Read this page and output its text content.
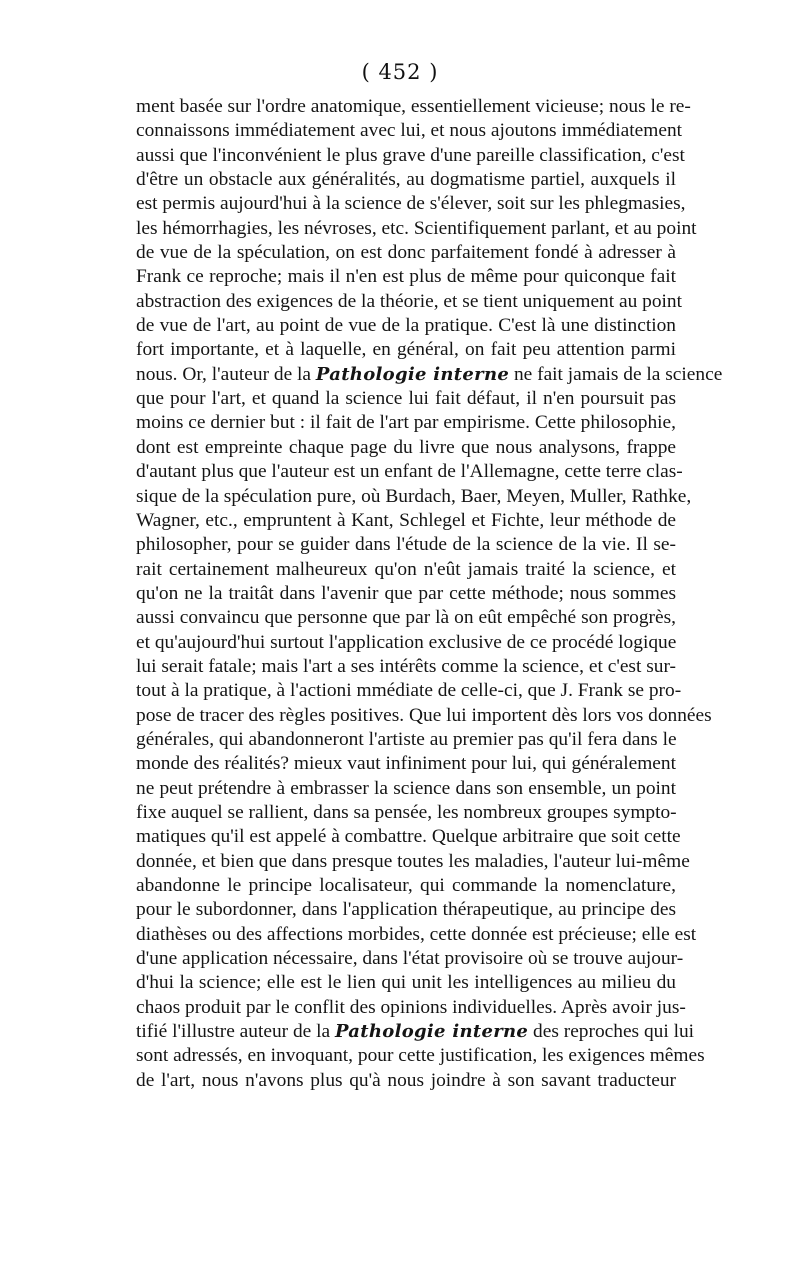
( 452 )
ment basée sur l'ordre anatomique, essentiellement vicieuse; nous le re-
connaissons immédiatement avec lui, et nous ajoutons immédiatement
aussi que l'inconvénient le plus grave d'une pareille classification, c'est
d'être un obstacle aux généralités, au dogmatisme partiel, auxquels il
est permis aujourd'hui à la science de s'élever, soit sur les phlegmasies,
les hémorrhagies, les névroses, etc. Scientifiquement parlant, et au point
de vue de la spéculation, on est donc parfaitement fondé à adresser à
Frank ce reproche; mais il n'en est plus de même pour quiconque fait
abstraction des exigences de la théorie, et se tient uniquement au point
de vue de l'art, au point de vue de la pratique. C'est là une distinction
fort importante, et à laquelle, en général, on fait peu attention parmi
nous. Or, l'auteur de la Pathologie interne ne fait jamais de la science
que pour l'art, et quand la science lui fait défaut, il n'en poursuit pas
moins ce dernier but : il fait de l'art par empirisme. Cette philosophie,
dont est empreinte chaque page du livre que nous analysons, frappe
d'autant plus que l'auteur est un enfant de l'Allemagne, cette terre clas-
sique de la spéculation pure, où Burdach, Baer, Meyen, Muller, Rathke,
Wagner, etc., empruntent à Kant, Schlegel et Fichte, leur méthode de
philosopher, pour se guider dans l'étude de la science de la vie. Il se-
rait certainement malheureux qu'on n'eût jamais traité la science, et
qu'on ne la traitât dans l'avenir que par cette méthode; nous sommes
aussi convaincu que personne que par là on eût empêché son progrès,
et qu'aujourd'hui surtout l'application exclusive de ce procédé logique
lui serait fatale; mais l'art a ses intérêts comme la science, et c'est sur-
tout à la pratique, à l'actioni mmédiate de celle-ci, que J. Frank se pro-
pose de tracer des règles positives. Que lui importent dès lors vos données
générales, qui abandonneront l'artiste au premier pas qu'il fera dans le
monde des réalités? mieux vaut infiniment pour lui, qui généralement
ne peut prétendre à embrasser la science dans son ensemble, un point
fixe auquel se rallient, dans sa pensée, les nombreux groupes sympto-
matiques qu'il est appelé à combattre. Quelque arbitraire que soit cette
donnée, et bien que dans presque toutes les maladies, l'auteur lui-même
abandonne le principe localisateur, qui commande la nomenclature,
pour le subordonner, dans l'application thérapeutique, au principe des
diathèses ou des affections morbides, cette donnée est précieuse; elle est
d'une application nécessaire, dans l'état provisoire où se trouve aujour-
d'hui la science; elle est le lien qui unit les intelligences au milieu du
chaos produit par le conflit des opinions individuelles. Après avoir jus-
tifié l'illustre auteur de la Pathologie interne des reproches qui lui
sont adressés, en invoquant, pour cette justification, les exigences mêmes
de l'art, nous n'avons plus qu'à nous joindre à son savant traducteur
